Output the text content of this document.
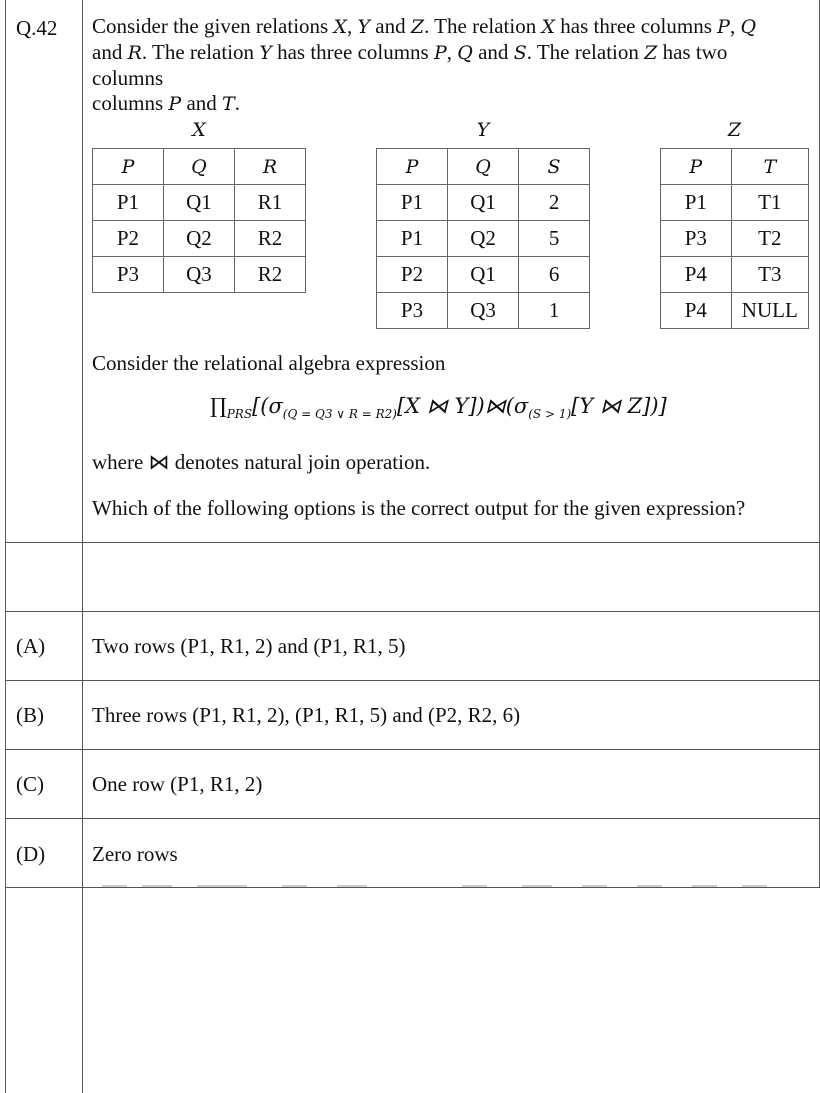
Q.42 Consider the given relations X, Y and Z. The relation X has three columns P, Q
and R. The relation Y has three columns P, Q and S. The relation Z has two columns
columns P and T.
X
P	Q	R
P1	Q1	R1
P2	Q2	R2
P3	Q3	R2
Y
P	Q	S
P1	Q1	2
P1	Q2	5
P2	Q1	6
P3	Q3	1
Z
P	T
P1	T1
P3	T2
P4	T3
P4	NULL
Consider the relational algebra expression
$\prod_{PRS}[(\sigma_{(Q = Q3 \vee R = R2)}[X$ ⋈ $Y])⋈(\sigma_{(S > 1)}[Y$ ⋈ Z])]
where ⋈ denotes natural join operation.
Which of the following options is the correct output for the given expression?
(A) Two rows (P1, R1, 2) and (P1, R1, 5)
(B) Three rows (P1, R1, 2), (P1, R1, 5) and (P2, R2, 6)
(C) One row (P1, R1, 2)
(D) Zero rows
